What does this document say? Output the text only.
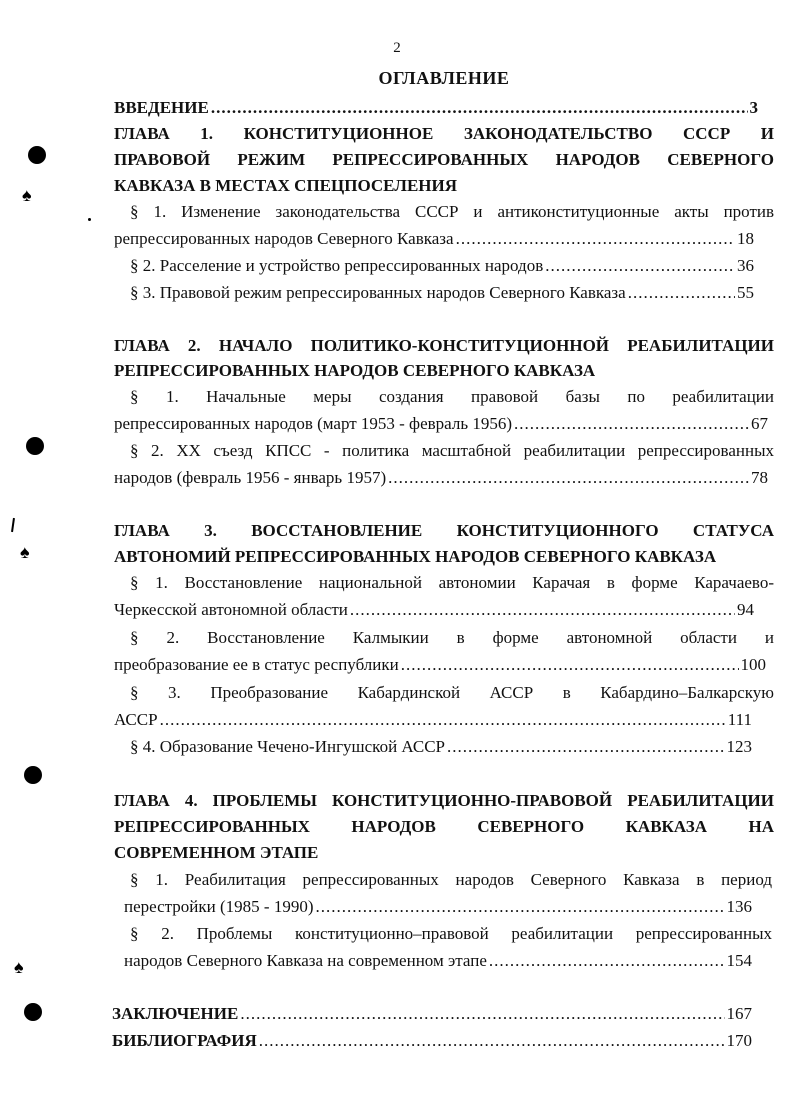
2
ОГЛАВЛЕНИЕ
ВВЕДЕНИЕ .....	3
ГЛАВА 1. КОНСТИТУЦИОННОЕ ЗАКОНОДАТЕЛЬСТВО СССР И
ПРАВОВОЙ РЕЖИМ РЕПРЕССИРОВАННЫХ НАРОДОВ СЕВЕРНОГО
КАВКАЗА В МЕСТАХ СПЕЦПОСЕЛЕНИЯ
§ 1. Изменение законодательства СССР и антиконституционные акты против
репрессированных народов Северного Кавказа .....	18
§ 2. Расселение и устройство репрессированных народов .....	36
§ 3. Правовой режим репрессированных народов Северного Кавказа .....	55
ГЛАВА 2. НАЧАЛО ПОЛИТИКО-КОНСТИТУЦИОННОЙ РЕАБИЛИТАЦИИ
РЕПРЕССИРОВАННЫХ НАРОДОВ СЕВЕРНОГО КАВКАЗА
§ 1. Начальные меры создания правовой базы по реабилитации
репрессированных народов (март 1953 - февраль 1956) .....	67
§ 2. XX съезд КПСС - политика масштабной реабилитации репрессированных
народов (февраль 1956 - январь 1957) .....	78
ГЛАВА 3. ВОССТАНОВЛЕНИЕ КОНСТИТУЦИОННОГО СТАТУСА
АВТОНОМИЙ РЕПРЕССИРОВАННЫХ НАРОДОВ СЕВЕРНОГО КАВКАЗА
§ 1. Восстановление национальной автономии Карачая в форме Карачаево-
Черкесской автономной области .....	94
§ 2. Восстановление Калмыкии в форме автономной области и
преобразование ее в статус республики .....	100
§ 3. Преобразование Кабардинской АССР в Кабардино–Балкарскую
АССР .....	111
§ 4. Образование Чечено-Ингушской АССР .....	123
ГЛАВА 4. ПРОБЛЕМЫ КОНСТИТУЦИОННО-ПРАВОВОЙ РЕАБИЛИТАЦИИ
РЕПРЕССИРОВАННЫХ НАРОДОВ СЕВЕРНОГО КАВКАЗА НА
СОВРЕМЕННОМ ЭТАПЕ
§ 1. Реабилитация репрессированных народов Северного Кавказа в период
перестройки (1985 - 1990) .....	136
§ 2. Проблемы конституционно–правовой реабилитации репрессированных
народов Северного Кавказа на современном этапе .....	154
ЗАКЛЮЧЕНИЕ .....	167
БИБЛИОГРАФИЯ .....	170
♠
♠
♠
